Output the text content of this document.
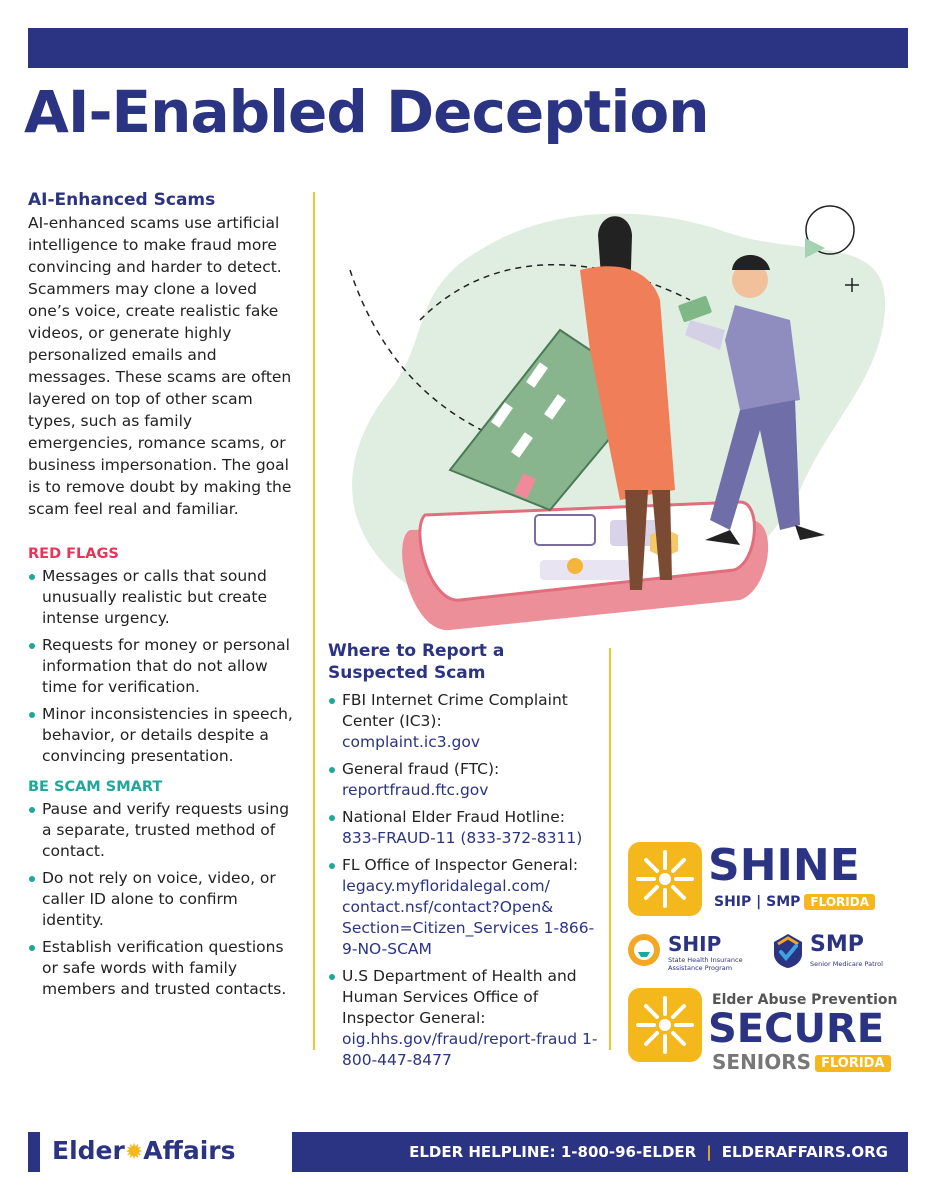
AI-Enabled Deception
AI-Enhanced Scams

AI-enhanced scams use artificial intelligence to make fraud more convincing and harder to detect. Scammers may clone a loved one’s voice, create realistic fake videos, or generate highly personalized emails and messages. These scams are often layered on top of other scam types, such as family emergencies, romance scams, or business impersonation. The goal is to remove doubt by making the scam feel real and familiar.

RED FLAGS
Messages or calls that sound unusually realistic but create intense urgency.
Requests for money or personal information that do not allow time for verification.
Minor inconsistencies in speech, behavior, or details despite a convincing presentation.
BE SCAM SMART
Pause and verify requests using a separate, trusted method of contact.
Do not rely on voice, video, or caller ID alone to confirm identity.
Establish verification questions or safe words with family members and trusted contacts.
Where to Report a Suspected Scam
FBI Internet Crime Complaint Center (IC3):
complaint.ic3.gov
General fraud (FTC):
reportfraud.ftc.gov
National Elder Fraud Hotline:
833-FRAUD-11 (833-372-8311)
FL Office of Inspector General:
legacy.myfloridalegal.com/ contact.nsf/contact?Open& Section=Citizen_Services 1-866-9-NO-SCAM
U.S Department of Health and Human Services Office of Inspector General:
oig.hhs.gov/fraud/report-fraud 1-800-447-8477
SHINE
SHIP | SMP FLORIDA
SHIP
State Health Insurance Assistance Program
SMP
Senior Medicare Patrol
Elder Abuse Prevention
SECURE
SENIORS FLORIDA
Elder✹Affairs	ELDER HELPLINE: 1-800-96-ELDER | ELDERAFFAIRS.ORG
